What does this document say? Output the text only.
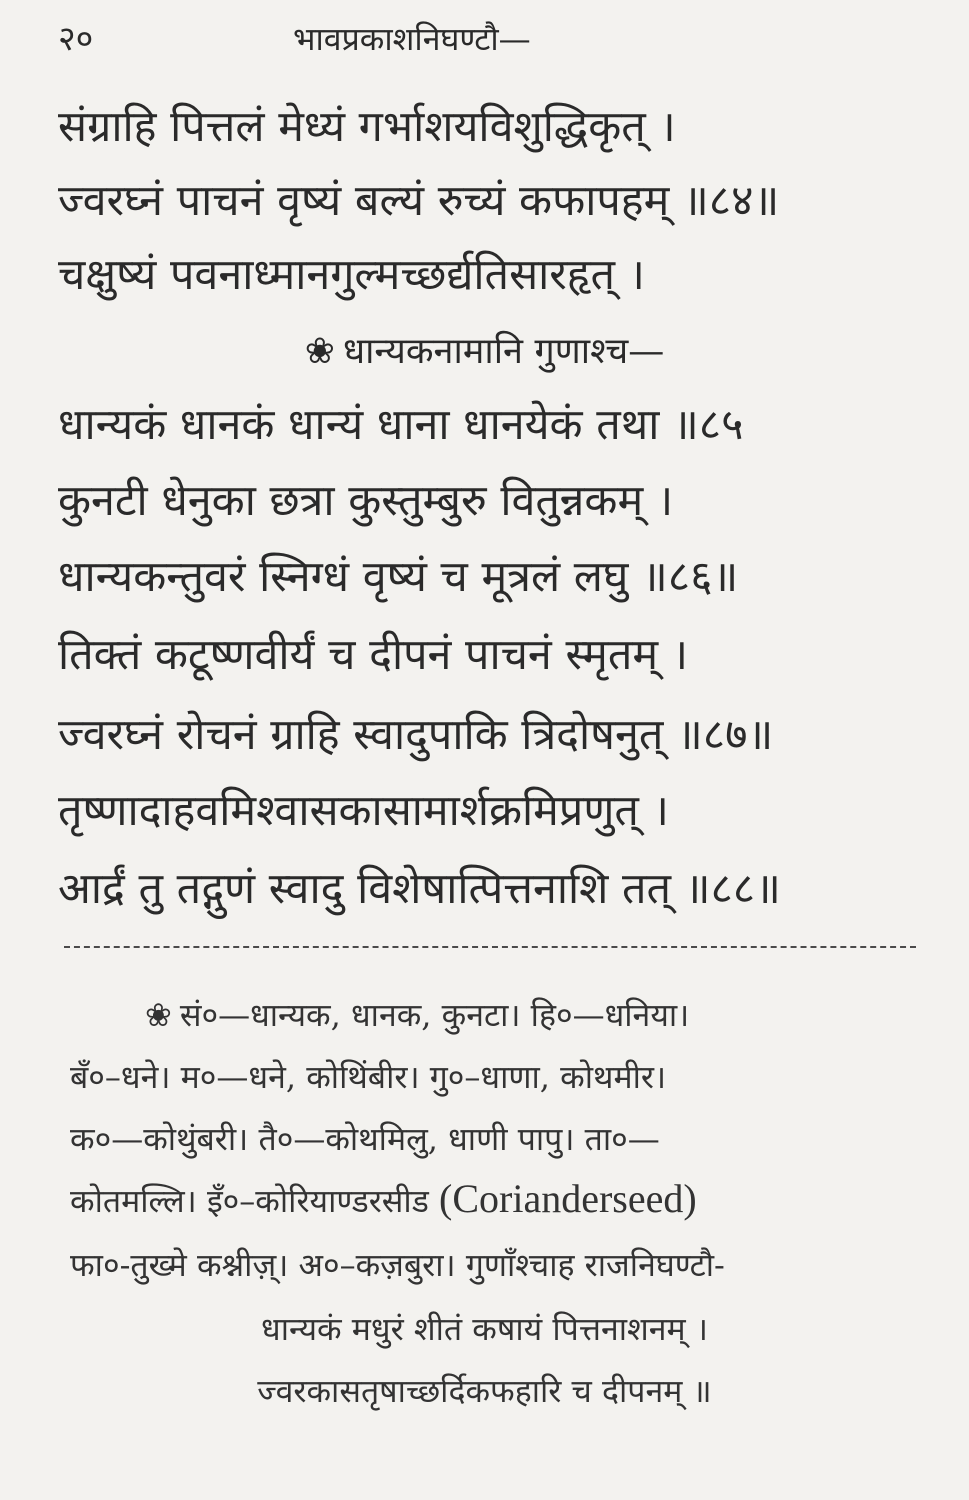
२०	भावप्रकाशनिघण्टौ—
संग्राहि पित्तलं मेध्यं गर्भाशयविशुद्धिकृत् ।
ज्वरघ्नं पाचनं वृष्यं बल्यं रुच्यं कफापहम् ॥८४॥
चक्षुष्यं पवनाध्मानगुल्मच्छर्द्यतिसारहृत् ।
❀ धान्यकनामानि गुणाश्च—
धान्यकं धानकं धान्यं धाना धानयेकं तथा ॥८५
कुनटी धेनुका छत्रा कुस्तुम्बुरु वितुन्नकम् ।
धान्यकन्तुवरं स्निग्धं वृष्यं च मूत्रलं लघु ॥८६॥
तिक्तं कटूष्णवीर्यं च दीपनं पाचनं स्मृतम् ।
ज्वरघ्नं रोचनं ग्राहि स्वादुपाकि त्रिदोषनुत् ॥८७॥
तृष्णादाहवमिश्वासकासामार्शक्रमिप्रणुत् ।
आर्द्रं तु तद्गुणं स्वादु विशेषात्पित्तनाशि तत् ॥८८॥
❀ सं०—धान्यक, धानक, कुनटा। हि०—धनिया।
बँ०–धने। म०—धने, कोथिंबीर। गु०–धाणा, कोथमीर।
क०—कोथुंबरी। तै०—कोथमिलु, धाणी पापु। ता०—
कोतमल्लि। इँ०–कोरियाण्डरसीड (Corianderseed)
फा०-तुख्मे कश्नीज़्। अ०–कज़बुरा। गुणाँश्चाह राजनिघण्टौ-
धान्यकं मधुरं शीतं कषायं पित्तनाशनम् ।
ज्वरकासतृषाच्छर्दिकफहारि च दीपनम् ॥
